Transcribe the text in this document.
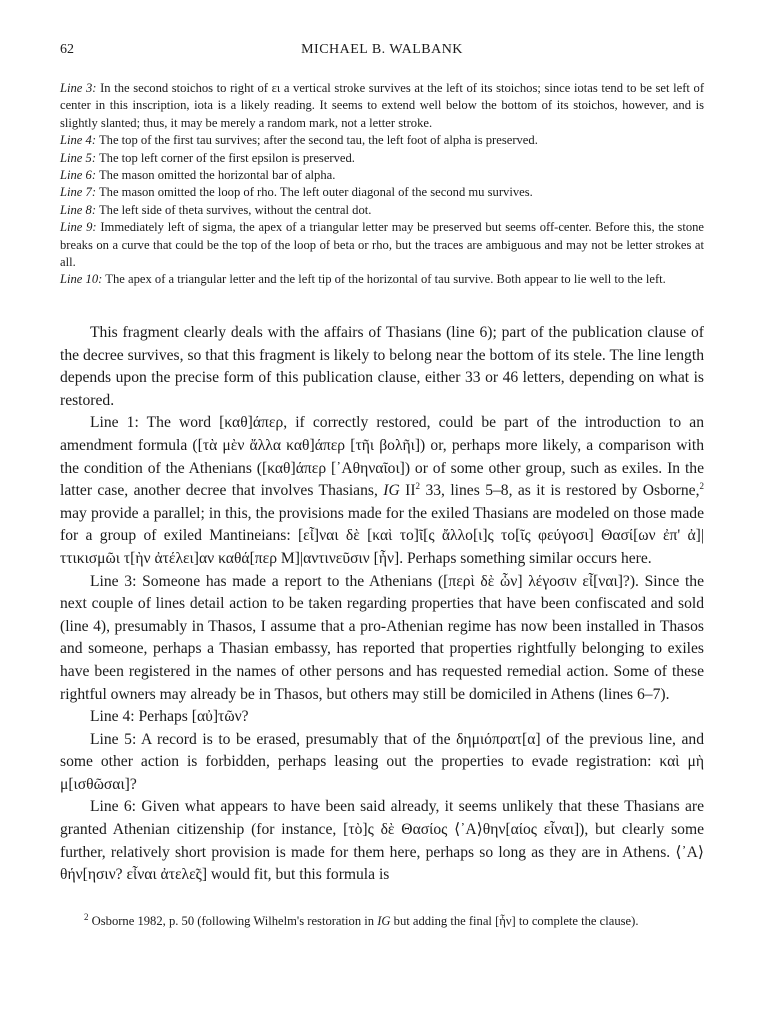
62	MICHAEL B. WALBANK

Line 3: In the second stoichos to right of ει a vertical stroke survives at the left of its stoichos; since iotas tend to be set left of center in this inscription, iota is a likely reading. It seems to extend well below the bottom of its stoichos, however, and is slightly slanted; thus, it may be merely a random mark, not a letter stroke.

Line 4: The top of the first tau survives; after the second tau, the left foot of alpha is preserved.

Line 5: The top left corner of the first epsilon is preserved.

Line 6: The mason omitted the horizontal bar of alpha.

Line 7: The mason omitted the loop of rho. The left outer diagonal of the second mu survives.

Line 8: The left side of theta survives, without the central dot.

Line 9: Immediately left of sigma, the apex of a triangular letter may be preserved but seems off-center. Before this, the stone breaks on a curve that could be the top of the loop of beta or rho, but the traces are ambiguous and may not be letter strokes at all.

Line 10: The apex of a triangular letter and the left tip of the horizontal of tau survive. Both appear to lie well to the left.

This fragment clearly deals with the affairs of Thasians (line 6); part of the publication clause of the decree survives, so that this fragment is likely to belong near the bottom of its stele. The line length depends upon the precise form of this publication clause, either 33 or 46 letters, depending on what is restored.

Line 1: The word [καθ]άπερ, if correctly restored, could be part of the introduction to an amendment formula ([τὰ μὲν ἄλλα καθ]άπερ [τῆι βολῆι]) or, perhaps more likely, a comparison with the condition of the Athenians ([καθ]άπερ [᾿Αθηναῖοι]) or of some other group, such as exiles. In the latter case, another decree that involves Thasians, IG $II^2$ 33, lines 5–8, as it is restored by Osborne,$^2$ may provide a parallel; in this, the provisions made for the exiled Thasians are modeled on those made for a group of exiled Mantineians: [εἶ]ναι δὲ [καὶ το]ῖ[ς ἄλλο[ι]ς το[ῖς φεύγοσι] Θασί[ων ἐπ' ἀ]|ττικισμῶι τ[ὴν ἀτέλει]αν καθά[περ Μ]|αντινεῦσιν [ἦν]. Perhaps something similar occurs here.

Line 3: Someone has made a report to the Athenians ([περὶ δὲ ὧν] λέγοσιν εἶ[ναι]?). Since the next couple of lines detail action to be taken regarding properties that have been confiscated and sold (line 4), presumably in Thasos, I assume that a pro-Athenian regime has now been installed in Thasos and someone, perhaps a Thasian embassy, has reported that properties rightfully belonging to exiles have been registered in the names of other persons and has requested remedial action. Some of these rightful owners may already be in Thasos, but others may still be domiciled in Athens (lines 6–7).

Line 4: Perhaps [αὐ]τῶν?

Line 5: A record is to be erased, presumably that of the δημιόπρατ[α] of the previous line, and some other action is forbidden, perhaps leasing out the properties to evade registration: καὶ μὴ μ[ισθῶσαι]?

Line 6: Given what appears to have been said already, it seems unlikely that these Thasians are granted Athenian citizenship (for instance, [τὸ]ς δὲ Θασίος ⟨᾿Α⟩θην[αίος εἶναι]), but clearly some further, relatively short provision is made for them here, perhaps so long as they are in Athens. ⟨᾿Α⟩θήν[ησιν? εἶναι ἀτελε̃ς] would fit, but this formula is

$^2$ Osborne 1982, p. 50 (following Wilhelm's restoration in IG but adding the final [ἦν] to complete the clause).
